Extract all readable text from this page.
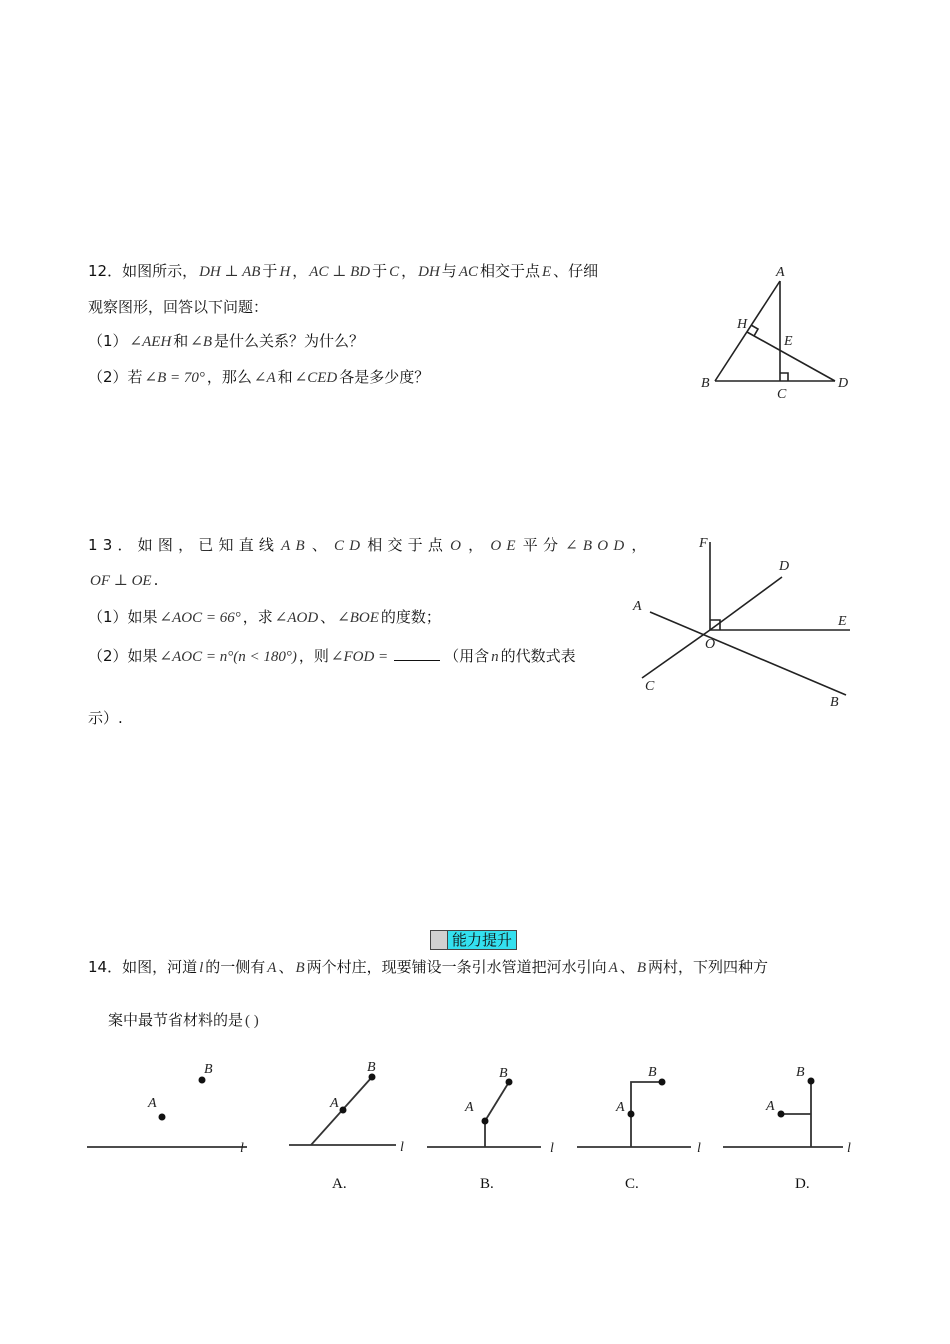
12．如图所示， DH ⊥ AB 于 H ， AC ⊥ BD 于 C ， DH 与 AC 相交于点 E 、仔细
观察图形，回答以下问题：
（1） ∠AEH 和 ∠B 是什么关系？为什么？
（2）若 ∠B = 70° ，那么 ∠A 和 ∠CED 各是多少度？
A
B
C
D
E
H
13．如图，已知直线 AB 、 CD 相交于点 O ， OE 平分 ∠BOD ，
OF ⊥ OE .
（1）如果 ∠AOC = 66° ，求 ∠AOD 、 ∠BOE 的度数；
（2）如果 ∠AOC = n°(n < 180°) ，则 ∠FOD =	（用含 n 的代数式表
示）.
F
D
A
E
O
C
B
能力提升
14．如图，河道 l 的一侧有 A 、 B 两个村庄，现要铺设一条引水管道把河水引向 A 、 B 两村，下列四种方
案中最节省材料的是 ( )
A
B
l
A
B
l
A
B
l
A
B
l
A
B
l
A.	B.	C.	D.
